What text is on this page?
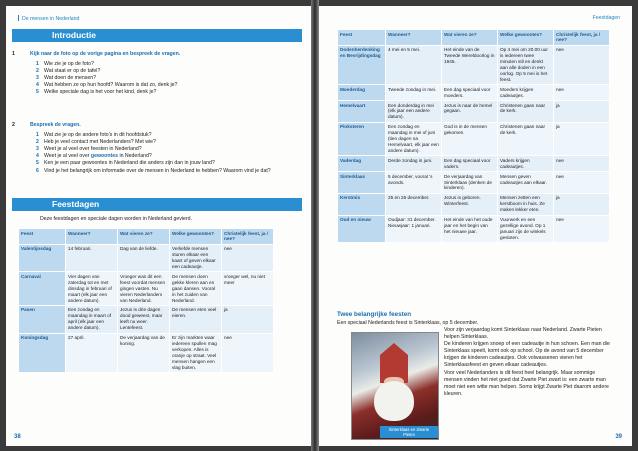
De mensen in Nederland
Introductie
1	Kijk naar de foto op de vorige pagina en bespreek de vragen.
1 Wie zie je op de foto?
2 Wat staat er op de tafel?
3 Wat doen de mensen?
4 Wat hebben ze op hun hoofd? Waarom is dat zo, denk je?
5 Welke speciale dag is het voor het kind, denk je?
2	Bespreek de vragen.
1 Wat zie je op de andere foto's in dit hoofdstuk?
2 Heb je veel contact met Nederlanders? Met wie?
3 Weet je al veel over feesten in Nederland?
4 Weet je al veel over gewoontes in Nederland?
5 Ken je een paar gewoontes in Nederland die anders zijn dan in jouw land?
6 Vind je het belangrijk om informatie over de mensen in Nederland te hebben? Waarom vind je dat?
Feestdagen
Deze feestdagen en speciale dagen worden in Nederland gevierd.
Feest	Wanneer?	Wat vieren ze?	Welke gewoontes?	Christelijk feest, ja / nee?
Valentijnsdag	14 februari.	Dag van de liefde.	Verliefde mensen sturen elkaar een kaart of geven elkaar een cadeautje.	nee
Carnaval	Vier dagen van zaterdag tot en met dinsdag in februari of maart (elk jaar een andere datum).	Vroeger was dit een feest voordat mensen gingen vasten. Nu vieren Nederlanders van Nederland.	De mensen doen gekke kleren aan en gaan dansen. Vooral in het zuiden van Nederland.	vroeger wel, nu niet meer
Pasen	Een zondag en maandag in maart of april (elk jaar een andere datum).	Jezus is drie dagen dood geweest, maar leeft nu weer. Lentefeest.	De mensen eten veel eieren.	ja
Koningsdag	27 april.	De verjaardag van de koning.	Er zijn markten waar iedereen spullen mag verkopen. Alles is oranje op straat. Veel mensen hangen een vlag buiten.	nee
38
Feestdagen
Feest	Wanneer?	Wat vieren ze?	Welke gewoontes?	Christelijk feest, ja / nee?
Dodenherdenking en Bevrijdingsdag	4 mei en 5 mei.	Het einde van de Tweede Wereldoorlog in 1945.	Op 4 mei om 20.00 uur is iedereen twee minuten stil en denkt aan alle doden in een oorlog. Op 5 mei is het feest.	nee
Moederdag	Tweede zondag in mei.	Een dag speciaal voor moeders.	Moeders krijgen cadeautjes.	nee
Hemelvaart	Een donderdag in mei (elk jaar een andere datum).	Jezus is naar de hemel gegaan.	Christenen gaan naar de kerk.	ja
Pinksteren	Een zondag en maandag in mei of juni (tien dagen na Hemelvaart, elk jaar een andere datum).	God is in de mensen gekomen.	Christenen gaan naar de kerk.	ja
Vaderdag	Derde zondag in juni.	Een dag speciaal voor vaders.	Vaders krijgen cadeautjes.	nee
Sinterklaas	5 december, vooral 's avonds.	De verjaardag van Sinterklaas (denken de kinderen).	Mensen geven cadeautjes aan elkaar.	nee
Kerstmis	25 en 26 december.	Jezus is geboren. Winterfeest.	Mensen zetten een kerstboom in huis. Ze maken lekker eten.	ja
Oud en nieuw	Oudjaar: 31 december. Nieuwjaar: 1 januari.	Het einde van het oude jaar en het begin van het nieuwe jaar.	Vuurwerk en een gezellige avond. Op 1 januari zijn de winkels gesloten.	nee
Twee belangrijke feesten
Een speciaal Nederlands feest is Sinterklaas, op 5 december.
Sinterklaas en Zwarte Pieten

Voor zijn verjaardag komt Sinterklaas naar Nederland. Zwarte Pieten helpen Sinterklaas.

De kinderen krijgen snoep of een cadeautje in hun schoen. Een man die Sinterklaas speelt, komt ook op school. Op de avond van 5 december krijgen de kinderen cadeautjes. Ook volwassenen vieren het Sinterklaasfeest en geven elkaar cadeautjes.

Voor veel Nederlanders is dit feest heel belangrijk. Maar sommige mensen vinden het niet goed dat Zwarte Piet zwart is: een zwarte man moet niet een witte man helpen. Soms krijgt Zwarte Piet daarom andere kleuren.

39
